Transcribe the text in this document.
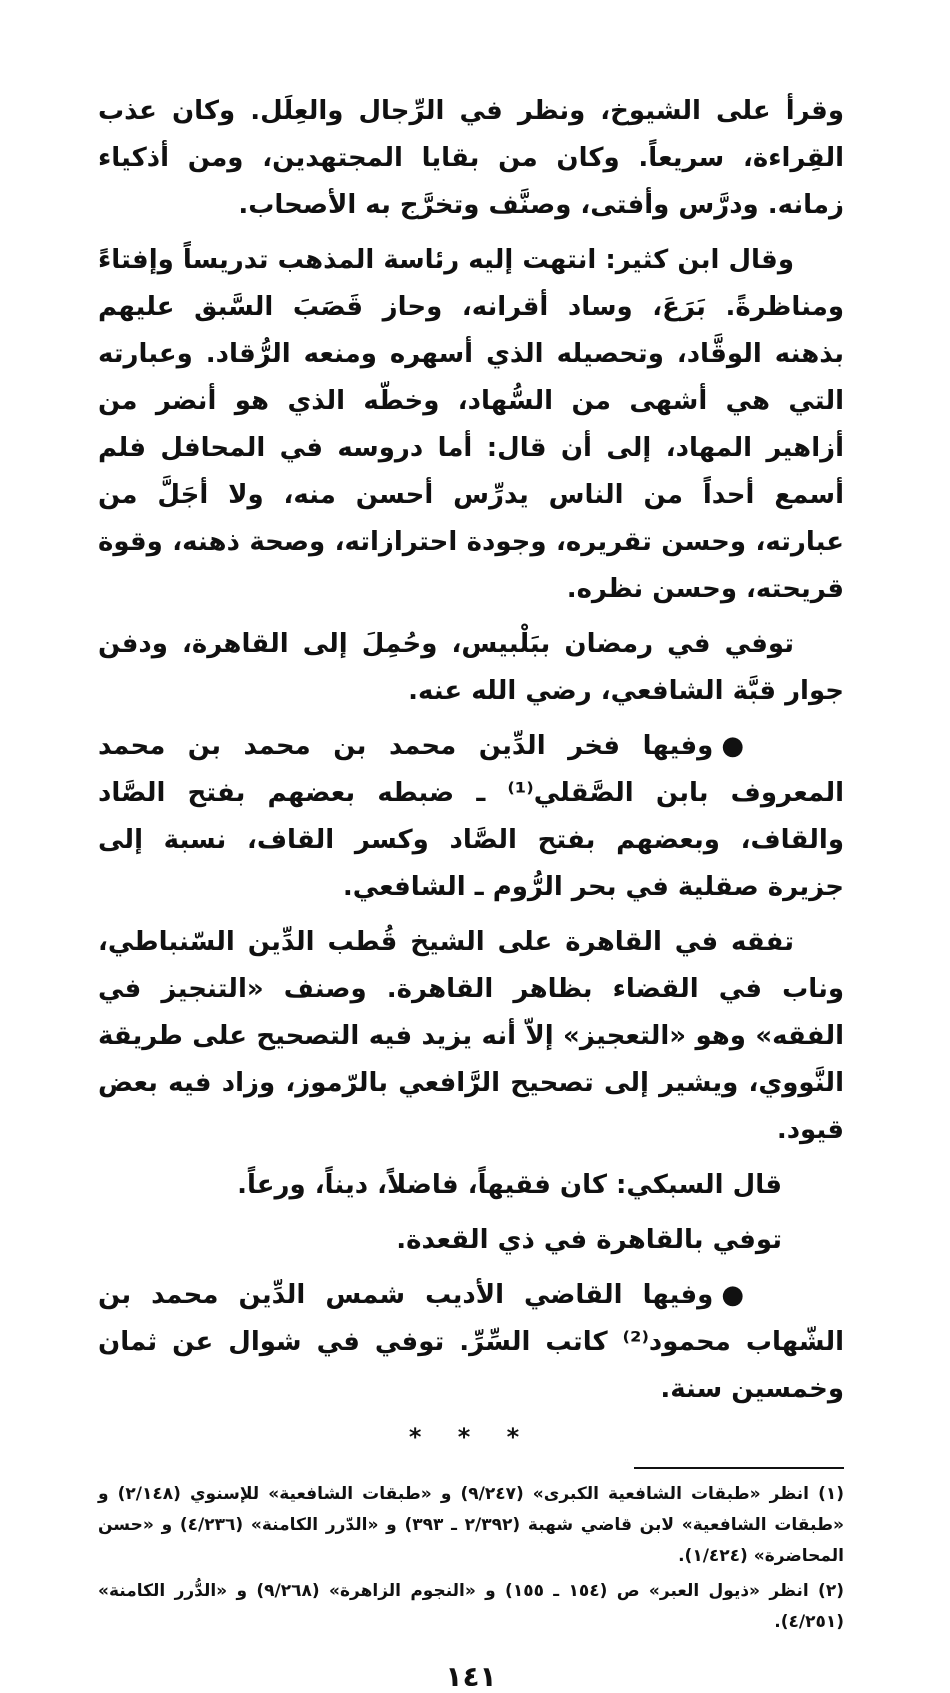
وقرأ على الشيوخ، ونظر في الرِّجال والعِلَل. وكان عذب القِراءة، سريعاً. وكان من بقايا المجتهدين، ومن أذكياء زمانه. ودرَّس وأفتى، وصنَّف وتخرَّج به الأصحاب.

وقال ابن كثير: انتهت إليه رئاسة المذهب تدريساً وإفتاءً ومناظرةً. بَرَعَ، وساد أقرانه، وحاز قَصَبَ السَّبق عليهم بذهنه الوقَّاد، وتحصيله الذي أسهره ومنعه الرُّقاد. وعبارته التي هي أشهى من السُّهاد، وخطّه الذي هو أنضر من أزاهير المهاد، إلى أن قال: أما دروسه في المحافل فلم أسمع أحداً من الناس يدرِّس أحسن منه، ولا أجَلَّ من عبارته، وحسن تقريره، وجودة احترازاته، وصحة ذهنه، وقوة قريحته، وحسن نظره.

توفي في رمضان ببَلْبيس، وحُمِلَ إلى القاهرة، ودفن جوار قبَّة الشافعي، رضي الله عنه.

●وفيها فخر الدِّين محمد بن محمد بن محمد المعروف بابن الصَّقلي⁽¹⁾ ـ ضبطه بعضهم بفتح الصَّاد والقاف، وبعضهم بفتح الصَّاد وكسر القاف، نسبة إلى جزيرة صقلية في بحر الرُّوم ـ الشافعي.

تفقه في القاهرة على الشيخ قُطب الدِّين السّنباطي، وناب في القضاء بظاهر القاهرة. وصنف «التنجيز في الفقه» وهو «التعجيز» إلاّ أنه يزيد فيه التصحيح على طريقة النَّووي، ويشير إلى تصحيح الرَّافعي بالرّموز، وزاد فيه بعض قيود.

قال السبكي: كان فقيهاً، فاضلاً، ديناً، ورعاً.

توفي بالقاهرة في ذي القعدة.

●وفيها القاضي الأديب شمس الدِّين محمد بن الشّهاب محمود⁽²⁾ كاتب السِّرِّ. توفي في شوال عن ثمان وخمسين سنة.

* * *

(١) انظر «طبقات الشافعية الكبرى» (٩/٢٤٧) و «طبقات الشافعية» للإسنوي (٢/١٤٨) و «طبقات الشافعية» لابن قاضي شهبة (٢/٣٩٢ ـ ٣٩٣) و «الدّرر الكامنة» (٤/٢٣٦) و «حسن المحاضرة» (١/٤٢٤).

(٢) انظر «ذيول العبر» ص (١٥٤ ـ ١٥٥) و «النجوم الزاهرة» (٩/٢٦٨) و «الدُّرر الكامنة» (٤/٢٥١).

١٤١
